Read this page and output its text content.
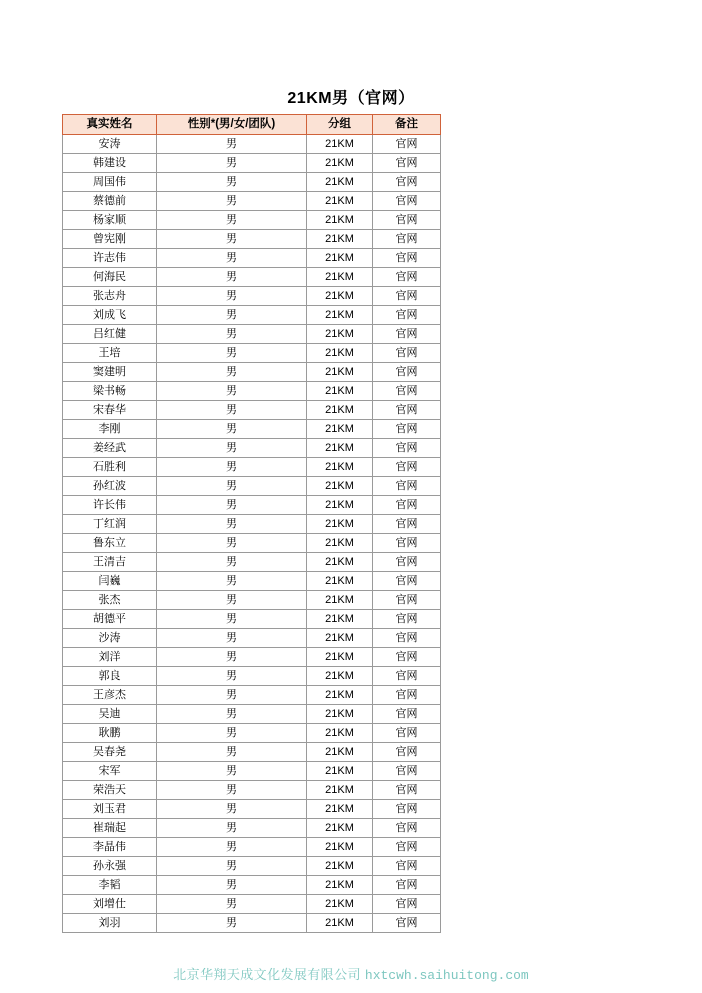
21KM男（官网）
真实姓名	性别*(男/女/团队)	分组	备注
安涛	男	21KM	官网
韩建设	男	21KM	官网
周国伟	男	21KM	官网
蔡德前	男	21KM	官网
杨家顺	男	21KM	官网
曾宪刚	男	21KM	官网
许志伟	男	21KM	官网
何海民	男	21KM	官网
张志舟	男	21KM	官网
刘成飞	男	21KM	官网
吕红健	男	21KM	官网
王培	男	21KM	官网
窦建明	男	21KM	官网
梁书畅	男	21KM	官网
宋春华	男	21KM	官网
李刚	男	21KM	官网
姜经武	男	21KM	官网
石胜利	男	21KM	官网
孙红波	男	21KM	官网
许长伟	男	21KM	官网
丁红润	男	21KM	官网
鲁东立	男	21KM	官网
王清吉	男	21KM	官网
闫巍	男	21KM	官网
张杰	男	21KM	官网
胡德平	男	21KM	官网
沙涛	男	21KM	官网
刘洋	男	21KM	官网
郭良	男	21KM	官网
王彦杰	男	21KM	官网
吴迪	男	21KM	官网
耿鹏	男	21KM	官网
吴春尧	男	21KM	官网
宋军	男	21KM	官网
荣浩天	男	21KM	官网
刘玉君	男	21KM	官网
崔瑞起	男	21KM	官网
李晶伟	男	21KM	官网
孙永强	男	21KM	官网
李韬	男	21KM	官网
刘增仕	男	21KM	官网
刘羽	男	21KM	官网
北京华翔天成文化发展有限公司 hxtcwh.saihuitong.com
